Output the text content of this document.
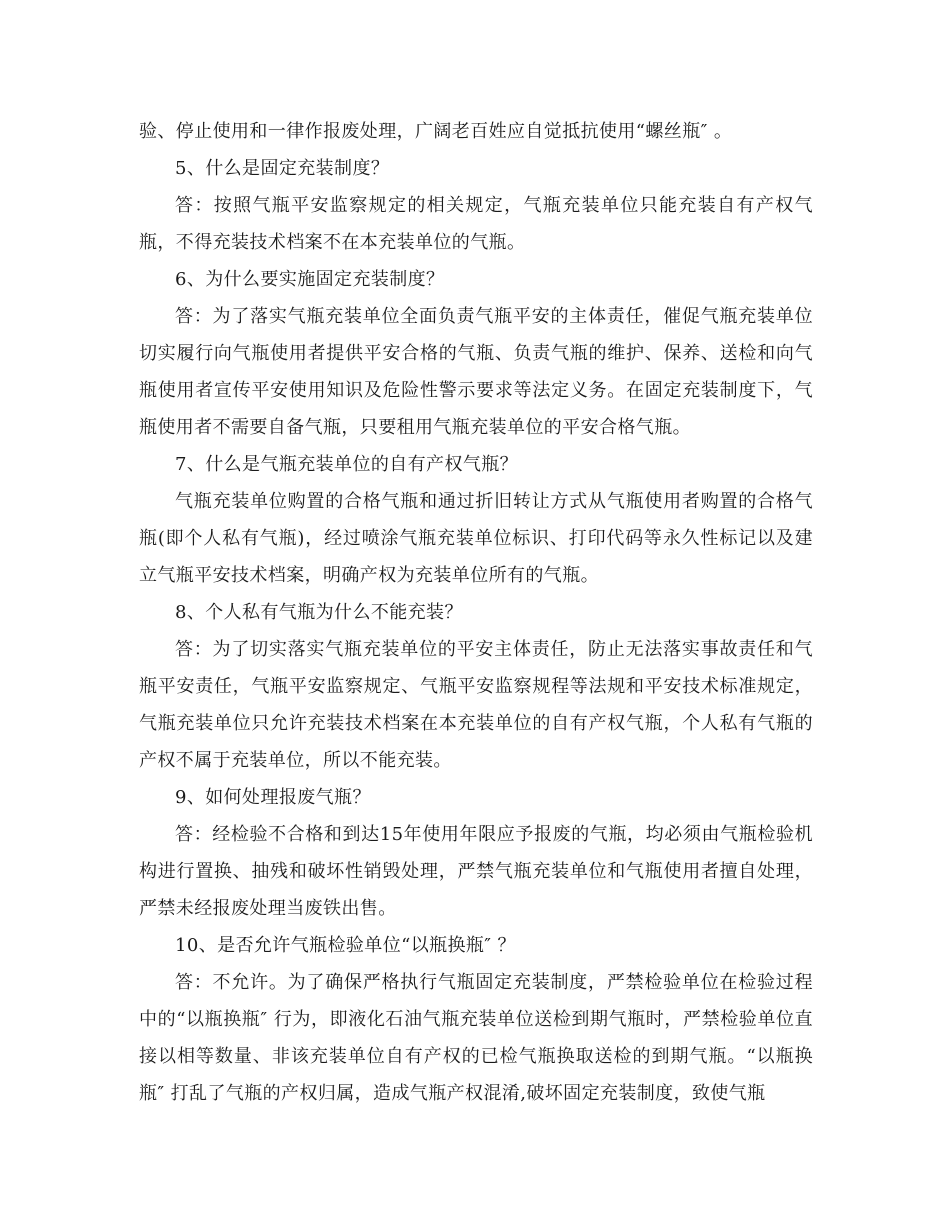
验、停止使用和一律作报废处理，广阔老百姓应自觉抵抗使用“螺丝瓶″ 。

5、什么是固定充装制度？

答：按照气瓶平安监察规定的相关规定，气瓶充装单位只能充装自有产权气瓶，不得充装技术档案不在本充装单位的气瓶。

6、为什么要实施固定充装制度？

答：为了落实气瓶充装单位全面负责气瓶平安的主体责任，催促气瓶充装单位切实履行向气瓶使用者提供平安合格的气瓶、负责气瓶的维护、保养、送检和向气瓶使用者宣传平安使用知识及危险性警示要求等法定义务。在固定充装制度下，气瓶使用者不需要自备气瓶，只要租用气瓶充装单位的平安合格气瓶。

7、什么是气瓶充装单位的自有产权气瓶？

气瓶充装单位购置的合格气瓶和通过折旧转让方式从气瓶使用者购置的合格气瓶(即个人私有气瓶)，经过喷涂气瓶充装单位标识、打印代码等永久性标记以及建立气瓶平安技术档案，明确产权为充装单位所有的气瓶。

8、个人私有气瓶为什么不能充装？

答：为了切实落实气瓶充装单位的平安主体责任，防止无法落实事故责任和气瓶平安责任，气瓶平安监察规定、气瓶平安监察规程等法规和平安技术标准规定，气瓶充装单位只允许充装技术档案在本充装单位的自有产权气瓶，个人私有气瓶的产权不属于充装单位，所以不能充装。

9、如何处理报废气瓶？

答：经检验不合格和到达15年使用年限应予报废的气瓶，均必须由气瓶检验机构进行置换、抽残和破坏性销毁处理，严禁气瓶充装单位和气瓶使用者擅自处理，严禁未经报废处理当废铁出售。

10、是否允许气瓶检验单位“以瓶换瓶″ ？

答：不允许。为了确保严格执行气瓶固定充装制度，严禁检验单位在检验过程中的“以瓶换瓶″ 行为，即液化石油气瓶充装单位送检到期气瓶时，严禁检验单位直接以相等数量、非该充装单位自有产权的已检气瓶换取送检的到期气瓶。“以瓶换瓶″ 打乱了气瓶的产权归属，造成气瓶产权混淆,破坏固定充装制度，致使气瓶
